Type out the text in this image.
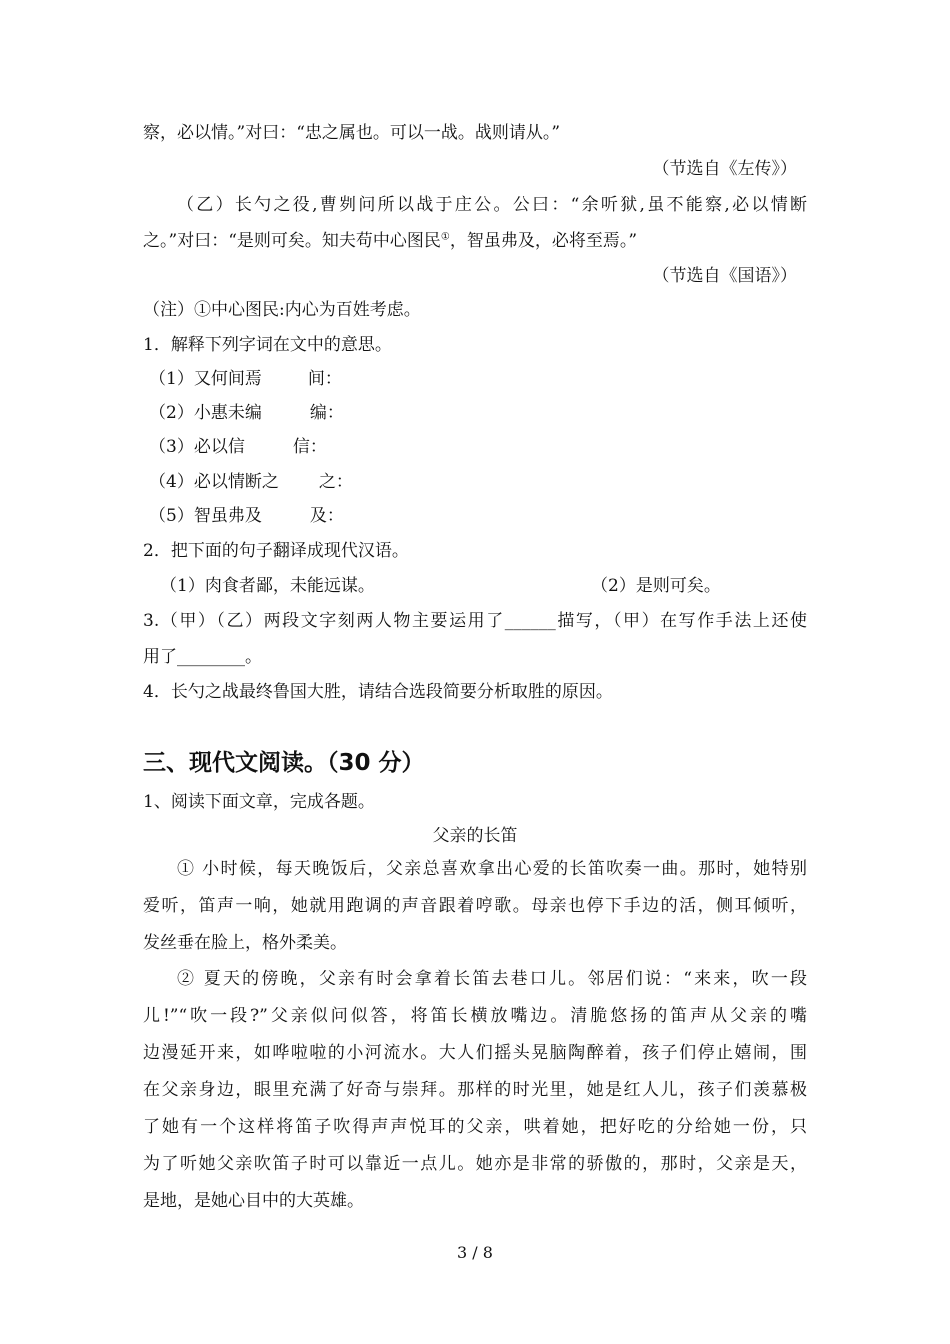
察，必以情。”对曰：“忠之属也。可以一战。战则请从。”
（节选自《左传》）
（乙）长勺之役,曹刿问所以战于庄公。公曰：“余听狱,虽不能察,必以情断
之。”对曰：“是则可矣。知夫苟中心图民①，智虽弗及，必将至焉。”
（节选自《国语》）
（注）①中心图民:内心为百姓考虑。
1．解释下列字词在文中的意思。
（1）又何间焉	间：
（2）小惠未编	编：
（3）必以信	信：
（4）必以情断之 之：
（5）智虽弗及	及：
2．把下面的句子翻译成现代汉语。
（1）肉食者鄙，未能远谋。	（2）是则可矣。
3.（甲）（乙）两段文字刻两人物主要运用了______描写，（甲）在写作手法上还使
用了________。
4．长勺之战最终鲁国大胜，请结合选段简要分析取胜的原因。
三、现代文阅读。（30 分）
1、阅读下面文章，完成各题。
父亲的长笛
① 小时候，每天晚饭后，父亲总喜欢拿出心爱的长笛吹奏一曲。那时，她特别
爱听，笛声一响，她就用跑调的声音跟着哼歌。母亲也停下手边的活，侧耳倾听，
发丝垂在脸上，格外柔美。
② 夏天的傍晚，父亲有时会拿着长笛去巷口儿。邻居们说：“来来，吹一段
儿!”“吹一段?”父亲似问似答，将笛长横放嘴边。清脆悠扬的笛声从父亲的嘴
边漫延开来，如哗啦啦的小河流水。大人们摇头晃脑陶醉着，孩子们停止嬉闹，围
在父亲身边，眼里充满了好奇与崇拜。那样的时光里，她是红人儿，孩子们羡慕极
了她有一个这样将笛子吹得声声悦耳的父亲，哄着她，把好吃的分给她一份，只
为了听她父亲吹笛子时可以靠近一点儿。她亦是非常的骄傲的，那时，父亲是天，
是地，是她心目中的大英雄。
3 / 8
